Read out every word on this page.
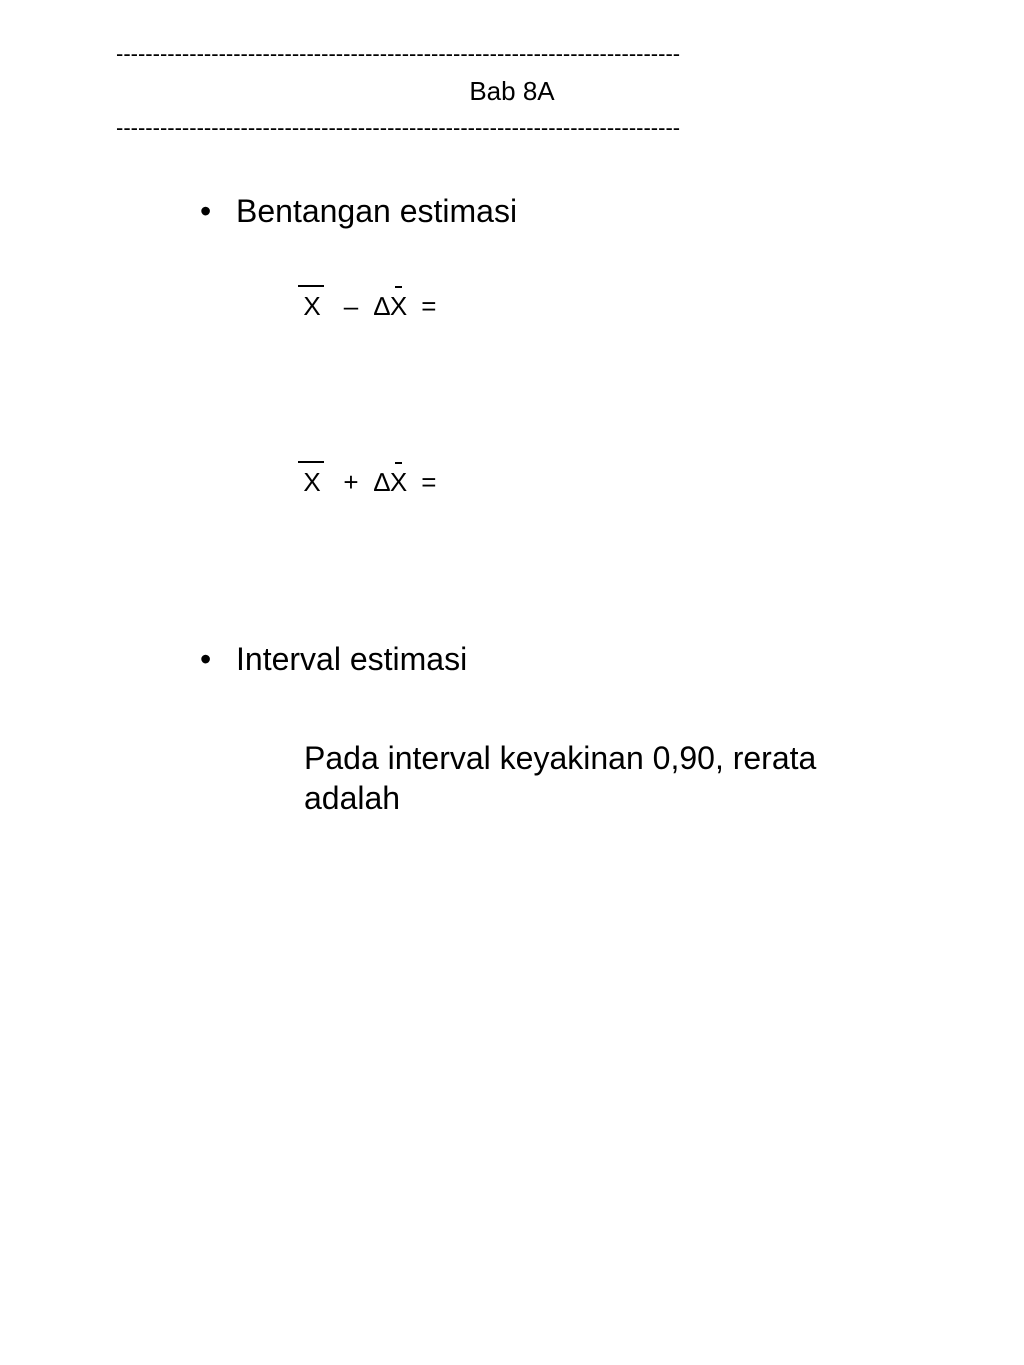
-----------------------------------------------------------------------------
Bab 8A
-----------------------------------------------------------------------------
• Bentangan estimasi
X – ∆X =
X + ∆X =
• Interval estimasi
Pada interval keyakinan 0,90, rerata adalah
